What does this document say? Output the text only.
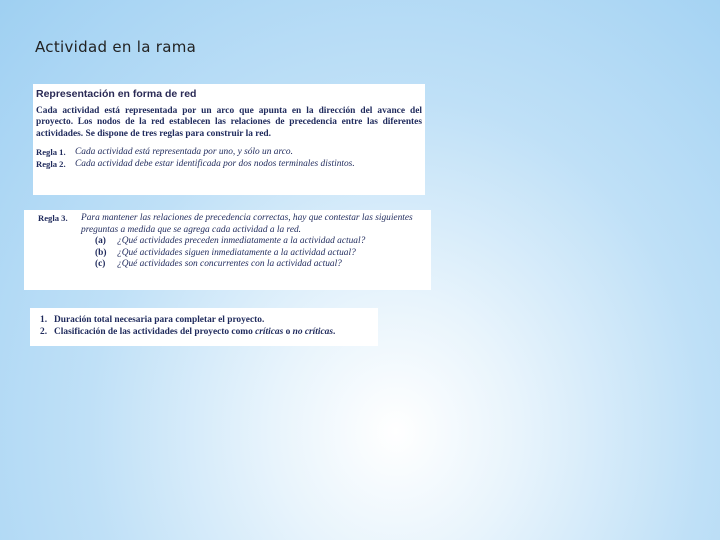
Actividad en la rama
Representación en forma de red
Cada actividad está representada por un arco que apunta en la dirección del avance del proyecto. Los nodos de la red establecen las relaciones de precedencia entre las diferentes actividades. Se dispone de tres reglas para construir la red.
Regla 1. Cada actividad está representada por uno, y sólo un arco.
Regla 2. Cada actividad debe estar identificada por dos nodos terminales distintos.
Regla 3.	Para mantener las relaciones de precedencia correctas, hay que contestar las siguientes preguntas a medida que se agrega cada actividad a la red.
(a)	¿Qué actividades preceden inmediatamente a la actividad actual?
(b)	¿Qué actividades siguen inmediatamente a la actividad actual?
(c)	¿Qué actividades son concurrentes con la actividad actual?
1. Duración total necesaria para completar el proyecto.
2. Clasificación de las actividades del proyecto como críticas o no críticas.
